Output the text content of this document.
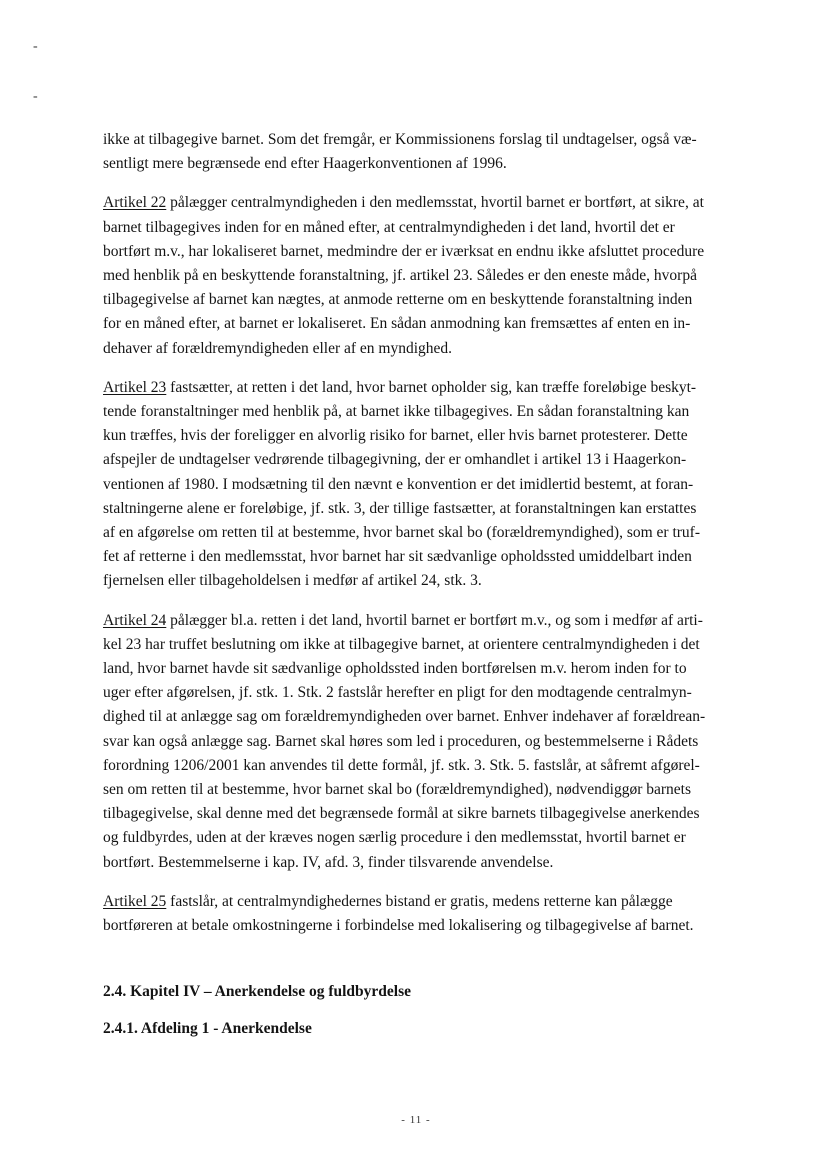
-
-

ikke at tilbagegive barnet. Som det fremgår, er Kommissionens forslag til undtagelser, også væ-
sentligt mere begrænsede end efter Haagerkonventionen af 1996.

Artikel 22 pålægger centralmyndigheden i den medlemsstat, hvortil barnet er bortført, at sikre, at
barnet tilbagegives inden for en måned efter, at centralmyndigheden i det land, hvortil det er
bortført m.v., har lokaliseret barnet, medmindre der er iværksat en endnu ikke afsluttet procedure
med henblik på en beskyttende foranstaltning, jf. artikel 23. Således er den eneste måde, hvorpå
tilbagegivelse af barnet kan nægtes, at anmode retterne om en beskyttende foranstaltning inden
for en måned efter, at barnet er lokaliseret. En sådan anmodning kan fremsættes af enten en in-
dehaver af forældremyndigheden eller af en myndighed.

Artikel 23 fastsætter, at retten i det land, hvor barnet opholder sig, kan træffe foreløbige beskyt-
tende foranstaltninger med henblik på, at barnet ikke tilbagegives. En sådan foranstaltning kan
kun træffes, hvis der foreligger en alvorlig risiko for barnet, eller hvis barnet protesterer. Dette
afspejler de undtagelser vedrørende tilbagegivning, der er omhandlet i artikel 13 i Haagerkon-
ventionen af 1980. I modsætning til den nævnt e konvention er det imidlertid bestemt, at foran-
staltningerne alene er foreløbige, jf. stk. 3, der tillige fastsætter, at foranstaltningen kan erstattes
af en afgørelse om retten til at bestemme, hvor barnet skal bo (forældremyndighed), som er truf-
fet af retterne i den medlemsstat, hvor barnet har sit sædvanlige opholdssted umiddelbart inden
fjernelsen eller tilbageholdelsen i medfør af artikel 24, stk. 3.

Artikel 24 pålægger bl.a. retten i det land, hvortil barnet er bortført m.v., og som i medfør af arti-
kel 23 har truffet beslutning om ikke at tilbagegive barnet, at orientere centralmyndigheden i det
land, hvor barnet havde sit sædvanlige opholdssted inden bortførelsen m.v. herom inden for to
uger efter afgørelsen, jf. stk. 1. Stk. 2 fastslår herefter en pligt for den modtagende centralmyn-
dighed til at anlægge sag om forældremyndigheden over barnet. Enhver indehaver af forældrean-
svar kan også anlægge sag. Barnet skal høres som led i proceduren, og bestemmelserne i Rådets
forordning 1206/2001 kan anvendes til dette formål, jf. stk. 3. Stk. 5. fastslår, at såfremt afgørel-
sen om retten til at bestemme, hvor barnet skal bo (forældremyndighed), nødvendiggør barnets
tilbagegivelse, skal denne med det begrænsede formål at sikre barnets tilbagegivelse anerkendes
og fuldbyrdes, uden at der kræves nogen særlig procedure i den medlemsstat, hvortil barnet er
bortført. Bestemmelserne i kap. IV, afd. 3, finder tilsvarende anvendelse.

Artikel 25 fastslår, at centralmyndighedernes bistand er gratis, medens retterne kan pålægge
bortføreren at betale omkostningerne i forbindelse med lokalisering og tilbagegivelse af barnet.

2.4. Kapitel IV – Anerkendelse og fuldbyrdelse
2.4.1. Afdeling 1 - Anerkendelse
- 11 -
